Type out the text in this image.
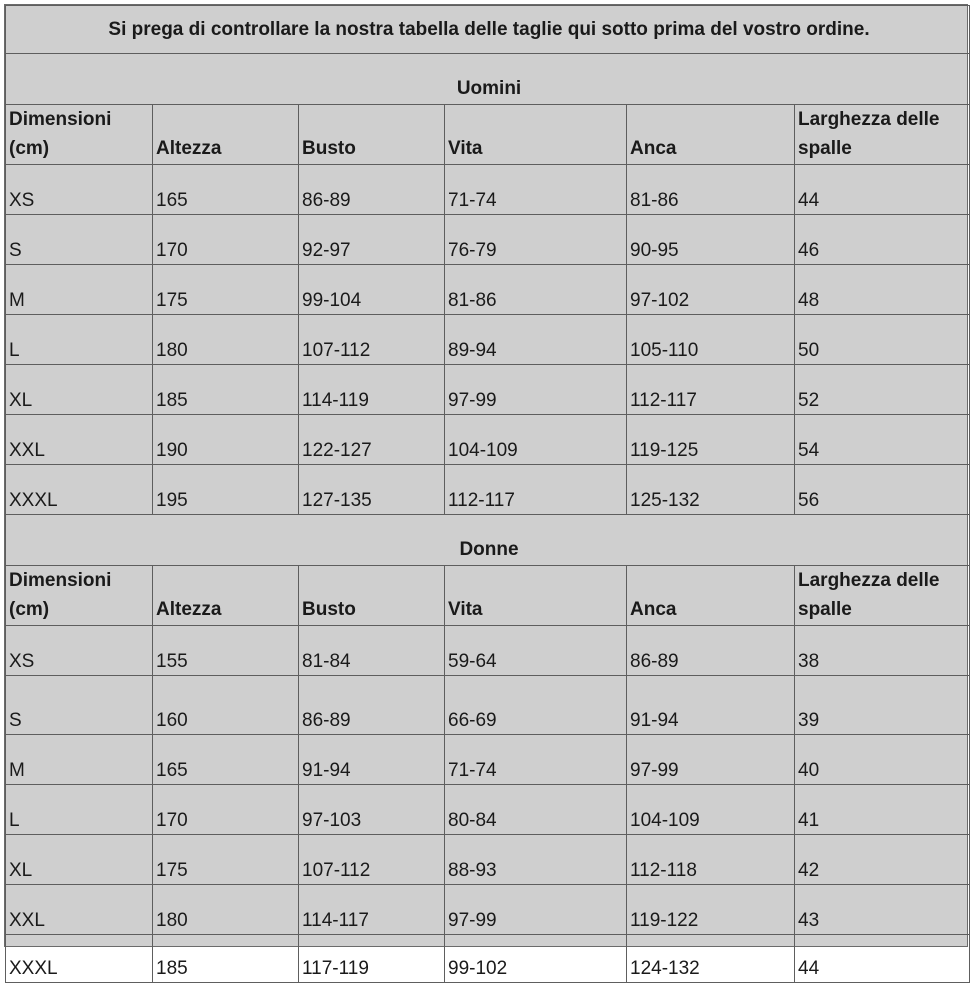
Si prega di controllare la nostra tabella delle taglie qui sotto prima del vostro ordine.					
Uomini					
Dimensioni
(cm)	Altezza	Busto	Vita	Anca	Larghezza delle
spalle
XS	165	86-89	71-74	81-86	44
S	170	92-97	76-79	90-95	46
M	175	99-104	81-86	97-102	48
L	180	107-112	89-94	105-110	50
XL	185	114-119	97-99	112-117	52
XXL	190	122-127	104-109	119-125	54
XXXL	195	127-135	112-117	125-132	56
Donne					
Dimensioni
(cm)	Altezza	Busto	Vita	Anca	Larghezza delle
spalle
XS	155	81-84	59-64	86-89	38
S	160	86-89	66-69	91-94	39
M	165	91-94	71-74	97-99	40
L	170	97-103	80-84	104-109	41
XL	175	107-112	88-93	112-118	42
XXL	180	114-117	97-99	119-122	43
XXXL	185	117-119	99-102	124-132	44
